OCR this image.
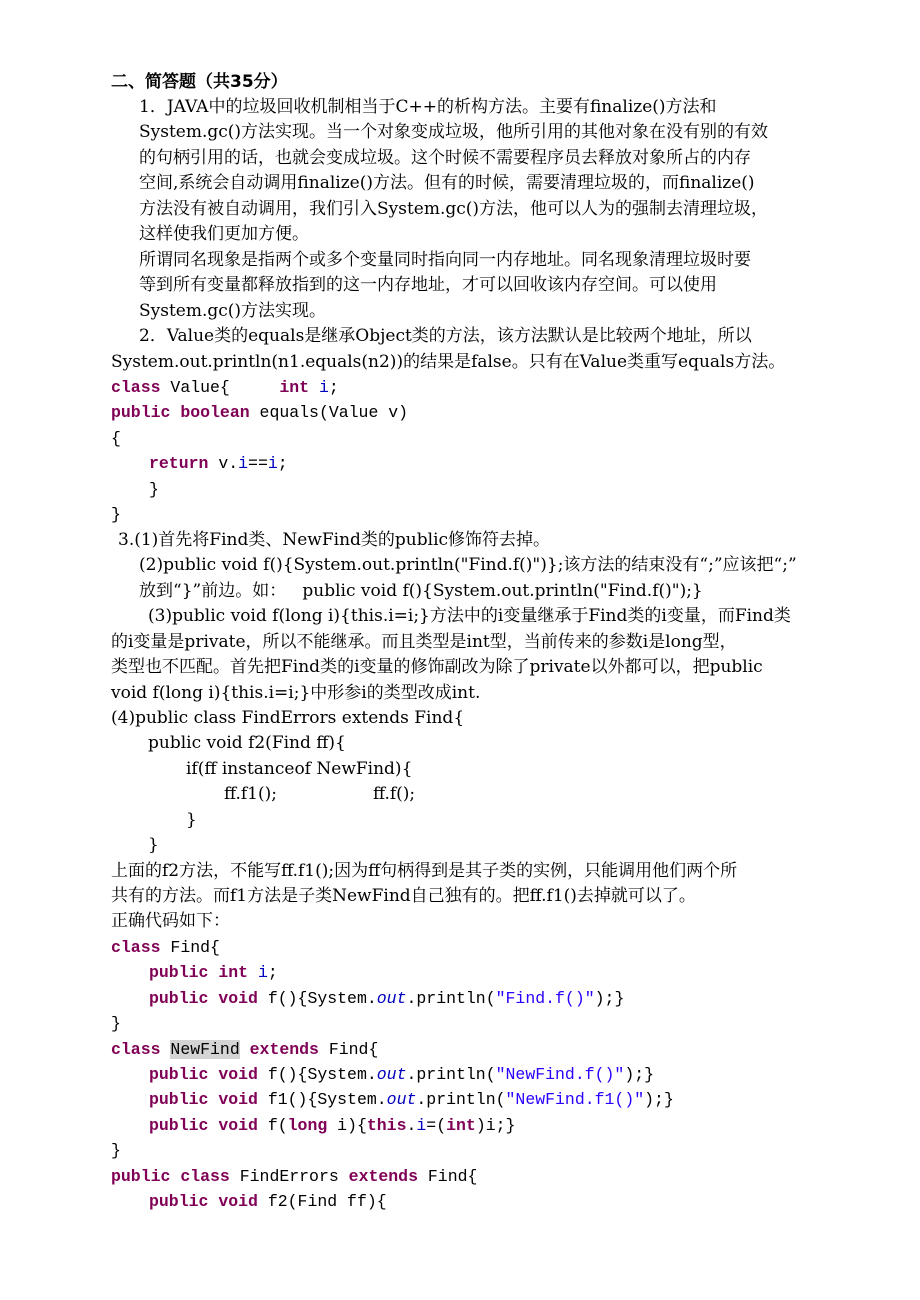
二、简答题（共35分）
1．JAVA中的垃圾回收机制相当于C++的析构方法。主要有finalize()方法和
System.gc()方法实现。当一个对象变成垃圾，他所引用的其他对象在没有别的有效
的句柄引用的话，也就会变成垃圾。这个时候不需要程序员去释放对象所占的内存
空间,系统会自动调用finalize()方法。但有的时候，需要清理垃圾的，而finalize()
方法没有被自动调用，我们引入System.gc()方法，他可以人为的强制去清理垃圾，
这样使我们更加方便。
所谓同名现象是指两个或多个变量同时指向同一内存地址。同名现象清理垃圾时要
等到所有变量都释放指到的这一内存地址，才可以回收该内存空间。可以使用
System.gc()方法实现。
2．Value类的equals是继承Object类的方法，该方法默认是比较两个地址，所以
System.out.println(n1.equals(n2))的结果是false。只有在Value类重写equals方法。
class Value{     int i;
public boolean equals(Value v)
{
return v.i==i;
}
}
3.(1)首先将Find类、NewFind类的public修饰符去掉。
(2)public void f(){System.out.println("Find.f()")};该方法的结束没有“;”应该把“;”
放到“}”前边。如：   public void f(){System.out.println("Find.f()");}
(3)public void f(long i){this.i=i;}方法中的i变量继承于Find类的i变量，而Find类
的i变量是private，所以不能继承。而且类型是int型，当前传来的参数i是long型，
类型也不匹配。首先把Find类的i变量的修饰副改为除了private以外都可以，把public
void f(long i){this.i=i;}中形参i的类型改成int.
(4)public class FindErrors extends Find{
public void f2(Find ff){
if(ff instanceof NewFind){
ff.f1();	ff.f();
}
}
上面的f2方法，不能写ff.f1();因为ff句柄得到是其子类的实例，只能调用他们两个所
共有的方法。而f1方法是子类NewFind自己独有的。把ff.f1()去掉就可以了。
正确代码如下：
class Find{
public int i;
public void f(){System.out.println("Find.f()");}
}
class NewFind extends Find{
public void f(){System.out.println("NewFind.f()");}
public void f1(){System.out.println("NewFind.f1()");}
public void f(long i){this.i=(int)i;}
}
public class FindErrors extends Find{
public void f2(Find ff){
